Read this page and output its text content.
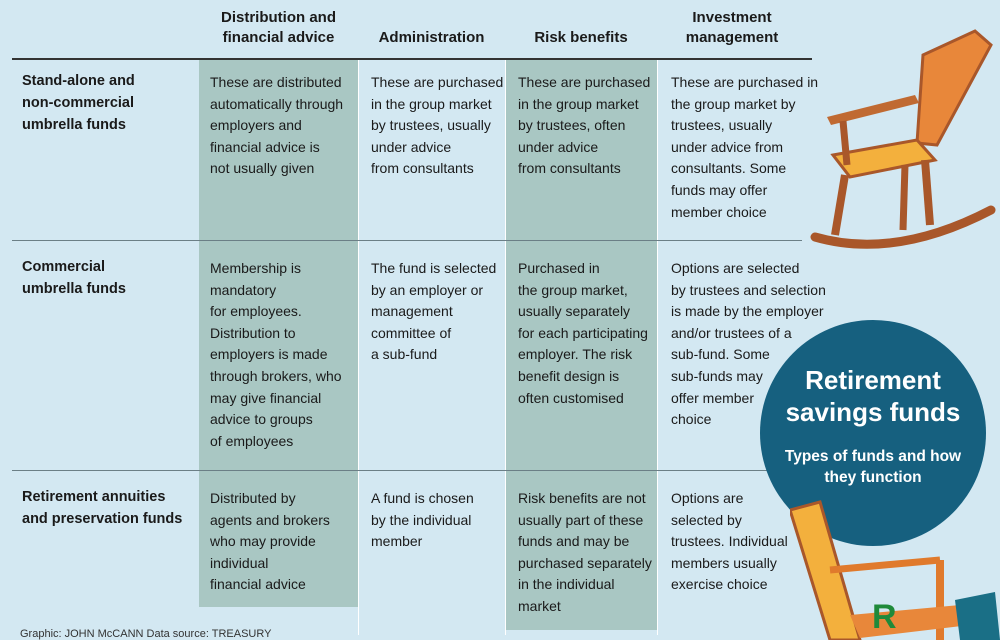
Distribution and
financial advice	Administration	Risk benefits
Investment
management
Stand-alone and
non-commercial
umbrella funds
Commercial
umbrella funds
Retirement annuities
and preservation funds
These are distributed
automatically through
employers and
financial advice is
not usually given
These are purchased
in the group market
by trustees, usually
under advice
from consultants
These are purchased
in the group market
by trustees, often
under advice
from consultants
These are purchased in
the group market by
trustees, usually
under advice from
consultants. Some
funds may offer
member choice
Membership is
mandatory
for employees.
Distribution to
employers is made
through brokers, who
may give financial
advice to groups
of employees
The fund is selected
by an employer or
management
committee of
a sub-fund
Purchased in
the group market,
usually separately
for each participating
employer. The risk
benefit design is
often customised
Options are selected
by trustees and selection
is made by the employer
and/or trustees of a
sub-fund. Some
sub-funds may
offer member
choice
Distributed by
agents and brokers
who may provide
individual
financial advice
A fund is chosen
by the individual
member
Risk benefits are not
usually part of these
funds and may be
purchased separately
in the individual
market
Options are
selected by
trustees. Individual
members usually
exercise choice
Retirement
savings funds
Types of funds and how
they function
R
Graphic: JOHN McCANN Data source: TREASURY
